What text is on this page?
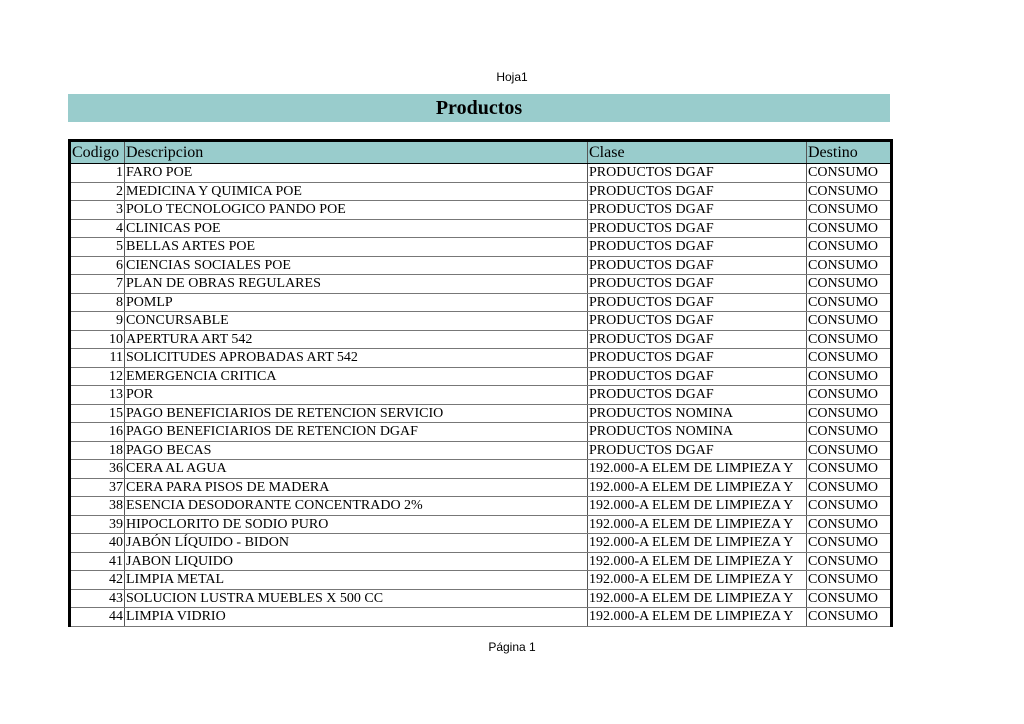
Hoja1
Productos
Codigo	Descripcion	Clase	Destino
1	FARO POE	PRODUCTOS DGAF	CONSUMO
2	MEDICINA Y QUIMICA POE	PRODUCTOS DGAF	CONSUMO
3	POLO TECNOLOGICO PANDO POE	PRODUCTOS DGAF	CONSUMO
4	CLINICAS POE	PRODUCTOS DGAF	CONSUMO
5	BELLAS ARTES POE	PRODUCTOS DGAF	CONSUMO
6	CIENCIAS SOCIALES POE	PRODUCTOS DGAF	CONSUMO
7	PLAN DE OBRAS REGULARES	PRODUCTOS DGAF	CONSUMO
8	POMLP	PRODUCTOS DGAF	CONSUMO
9	CONCURSABLE	PRODUCTOS DGAF	CONSUMO
10	APERTURA ART 542	PRODUCTOS DGAF	CONSUMO
11	SOLICITUDES APROBADAS ART 542	PRODUCTOS DGAF	CONSUMO
12	EMERGENCIA CRITICA	PRODUCTOS DGAF	CONSUMO
13	POR	PRODUCTOS DGAF	CONSUMO
15	PAGO BENEFICIARIOS DE RETENCION SERVICIO	PRODUCTOS NOMINA	CONSUMO
16	PAGO BENEFICIARIOS DE RETENCION DGAF	PRODUCTOS NOMINA	CONSUMO
18	PAGO BECAS	PRODUCTOS DGAF	CONSUMO
36	CERA AL AGUA	192.000-A ELEM DE LIMPIEZA Y	CONSUMO
37	CERA PARA PISOS DE MADERA	192.000-A ELEM DE LIMPIEZA Y	CONSUMO
38	ESENCIA DESODORANTE CONCENTRADO 2%	192.000-A ELEM DE LIMPIEZA Y	CONSUMO
39	HIPOCLORITO DE SODIO PURO	192.000-A ELEM DE LIMPIEZA Y	CONSUMO
40	JABÓN LÍQUIDO - BIDON	192.000-A ELEM DE LIMPIEZA Y	CONSUMO
41	JABON LIQUIDO	192.000-A ELEM DE LIMPIEZA Y	CONSUMO
42	LIMPIA METAL	192.000-A ELEM DE LIMPIEZA Y	CONSUMO
43	SOLUCION LUSTRA MUEBLES X 500 CC	192.000-A ELEM DE LIMPIEZA Y	CONSUMO
44	LIMPIA VIDRIO	192.000-A ELEM DE LIMPIEZA Y	CONSUMO
Página 1
